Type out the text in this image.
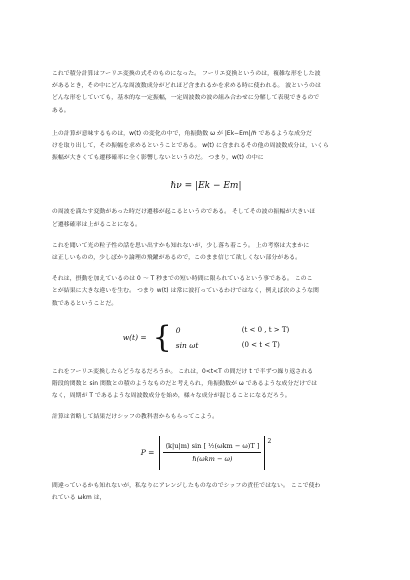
これで積分計算はフーリエ変換の式そのものになった。 フーリエ変換というのは，複雑な形をした波
があるとき，その中にどんな周波数成分がどれほど含まれるかを求める時に使われる。 波というのは
どんな形をしていても，基本的な一定振幅，一定周波数の波の組み合わせに分解して表現できるので
ある。

上の計算が意味するものは，w(t) の変化の中で，角振動数 ω が |Ek−Em|/ℏ であるような成分だ
けを取り出して，その振幅を求めるということである。 w(t) に含まれるその他の周波数成分は，いくら
振幅が大きくても遷移確率に全く影響しないというのだ。 つまり，w(t) の中に

ℏν = |Ek − Em|

の周波を満たす変動があった時だけ遷移が起こるというのである。 そしてその波の振幅が大きいほ
ど遷移確率は上がることになる。

これを聞いて光の粒子性の話を思い出すかも知れないが，少し落ち着こう。 上の考察は大まかに
は正しいものの，少しばかり論理の飛躍があるので，このまま信じて欲しくない部分がある。

それは，摂動を加えているのは 0 〜 T 秒までの短い時間に限られているという事である。 このこ
とが結果に大きな違いを生む。 つまり w(t) は常に波打っているわけではなく，例えば次のような関
数であるということだ。

w(t) = { 0	(t < 0 , t > T)
sin ωt	(0 < t < T)

これをフーリエ変換したらどうなるだろうか。 これは，0<t<T の間だけ t で半ずつ繰り返される
階段的関数と sin 関数との積のようなものだと考えられ，角振動数が ω であるような成分だけでは
なく，周期が T であるような周波数成分を始め，様々な成分が混じることになるだろう。

計算は省略して結果だけシッフの教科書からもらってこよう。

$P = \frac{\text{⟨k|u|m⟩ sin [ ½(ωkm − ω)T ]}}{\text{ℏ(ωkm − ω)}}$
2

間違っているかも知れないが，私なりにアレンジしたものなのでシッフの責任ではない。 ここで使わ
れている ωkm は，
